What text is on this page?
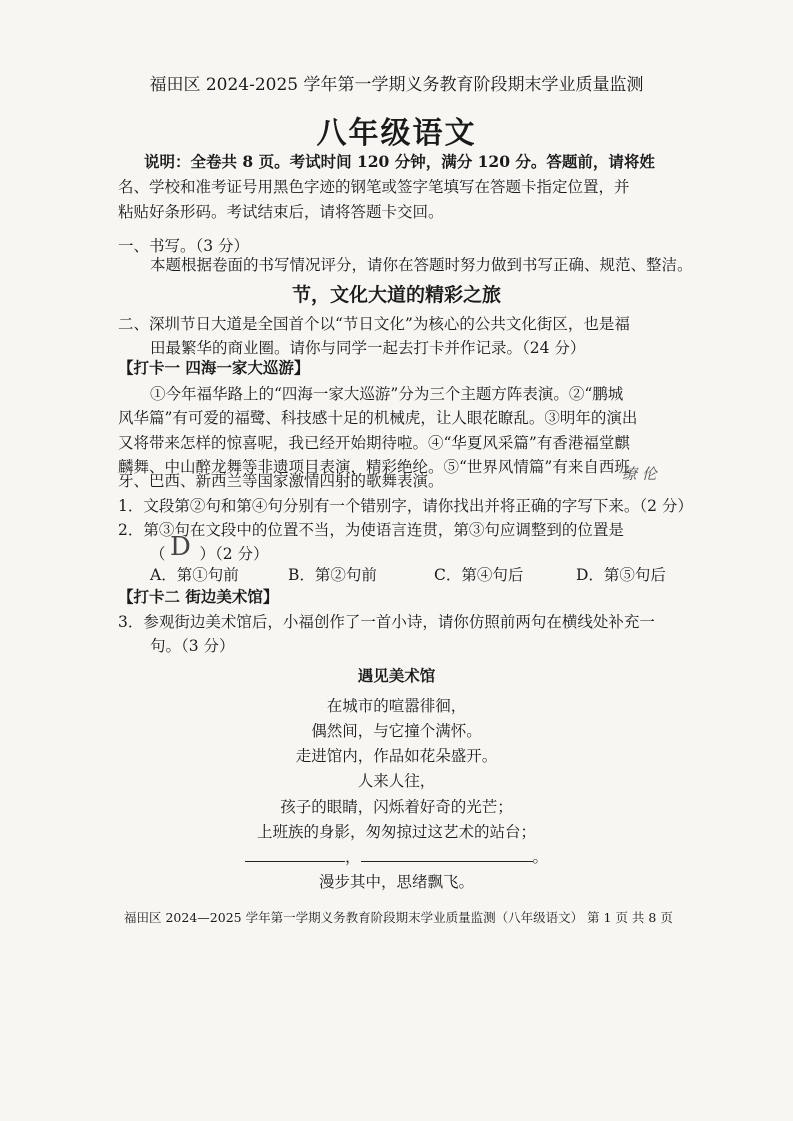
福田区 2024-2025 学年第一学期义务教育阶段期末学业质量监测
八年级语文
说明：全卷共 8 页。考试时间 120 分钟，满分 120 分。答题前，请将姓
名、学校和准考证号用黑色字迹的钢笔或签字笔填写在答题卡指定位置，并
粘贴好条形码。考试结束后，请将答题卡交回。
一、书写。（3 分）
本题根据卷面的书写情况评分，请你在答题时努力做到书写正确、规范、整洁。
节，文化大道的精彩之旅
二、深圳节日大道是全国首个以“节日文化”为核心的公共文化街区，也是福
田最繁华的商业圈。请你与同学一起去打卡并作记录。（24 分）
【打卡一 四海一家大巡游】
①今年福华路上的“四海一家大巡游”分为三个主题方阵表演。②“鹏城
风华篇”有可爱的福鹭、科技感十足的机械虎，让人眼花瞭乱。③明年的演出
又将带来怎样的惊喜呢，我已经开始期待啦。④“华夏风采篇”有香港福堂麒
麟舞、中山醉龙舞等非遗项目表演，精彩绝纶。⑤“世界风情篇”有来自西班
牙、巴西、新西兰等国家激情四射的歌舞表演。	缭 伦
1．文段第②句和第④句分别有一个错别字，请你找出并将正确的字写下来。（2 分）
2．第③句在文段中的位置不当，为使语言连贯，第③句应调整到的位置是
（ ）（2 分）
D
A．第①句前	B．第②句前	C．第④句后	D．第⑤句后
【打卡二 街边美术馆】
3．参观街边美术馆后，小福创作了一首小诗，请你仿照前两句在横线处补充一
句。（3 分）
遇见美术馆
在城市的喧嚣徘徊，
偶然间，与它撞个满怀。
走进馆内，作品如花朵盛开。
人来人往，
孩子的眼睛，闪烁着好奇的光芒；
上班族的身影，匆匆掠过这艺术的站台；
，	。
漫步其中，思绪飘飞。
福田区 2024—2025 学年第一学期义务教育阶段期末学业质量监测（八年级语文） 第 1 页 共 8 页
